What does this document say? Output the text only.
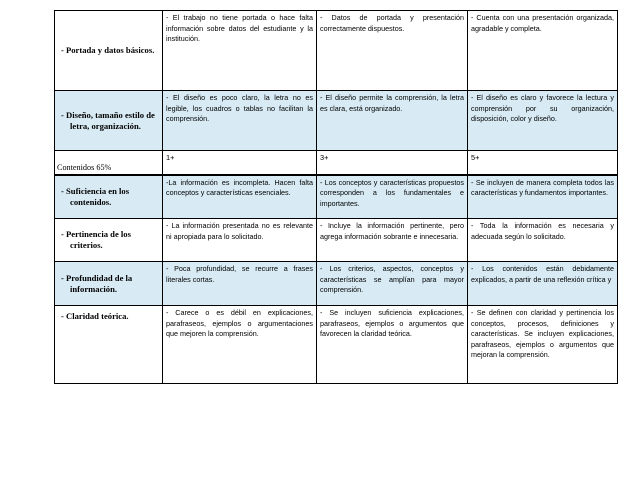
- Portada y datos básicos.	- El trabajo no tiene portada o hace falta información sobre datos del estudiante y la institución.	- Datos de portada y presentación correctamente dispuestos.	- Cuenta con una presentación organizada, agradable y completa.

- Diseño, tamaño estilo de letra, organización.	- El diseño es poco claro, la letra no es legible, los cuadros o tablas no facilitan la comprensión.	- El diseño permite la comprensión, la letra es clara, está organizado.	- El diseño es claro y favorece la lectura y comprensión por su organización, disposición, color y diseño.
Contenidos 65%	1+	3+	5+

- Suficiencia en los contenidos.	-La información es incompleta. Hacen falta conceptos y características esenciales.	- Los conceptos y características propuestos corresponden a los fundamentales e importantes.	- Se incluyen de manera completa todos las características y fundamentos importantes.

- Pertinencia de los criterios.	- La información presentada no es relevante ni apropiada para lo solicitado.	- Incluye la información pertinente, pero agrega información sobrante e innecesaria.	- Toda la información es necesaria y adecuada según lo solicitado.

- Profundidad de la información.	- Poca profundidad, se recurre a frases literales cortas.	- Los criterios, aspectos, conceptos y características se amplían para mayor comprensión.	- Los contenidos están debidamente explicados, a partir de una reflexión crítica y

- Claridad teórica.	- Carece o es débil en explicaciones, parafraseos, ejemplos o argumentaciones que mejoren la comprensión.	- Se incluyen suficiencia explicaciones, parafraseos, ejemplos o argumentos que favorecen la claridad teórica.	- Se definen con claridad y pertinencia los conceptos, procesos, definiciones y características. Se incluyen explicaciones, parafraseos, ejemplos o argumentos que mejoran la comprensión.
